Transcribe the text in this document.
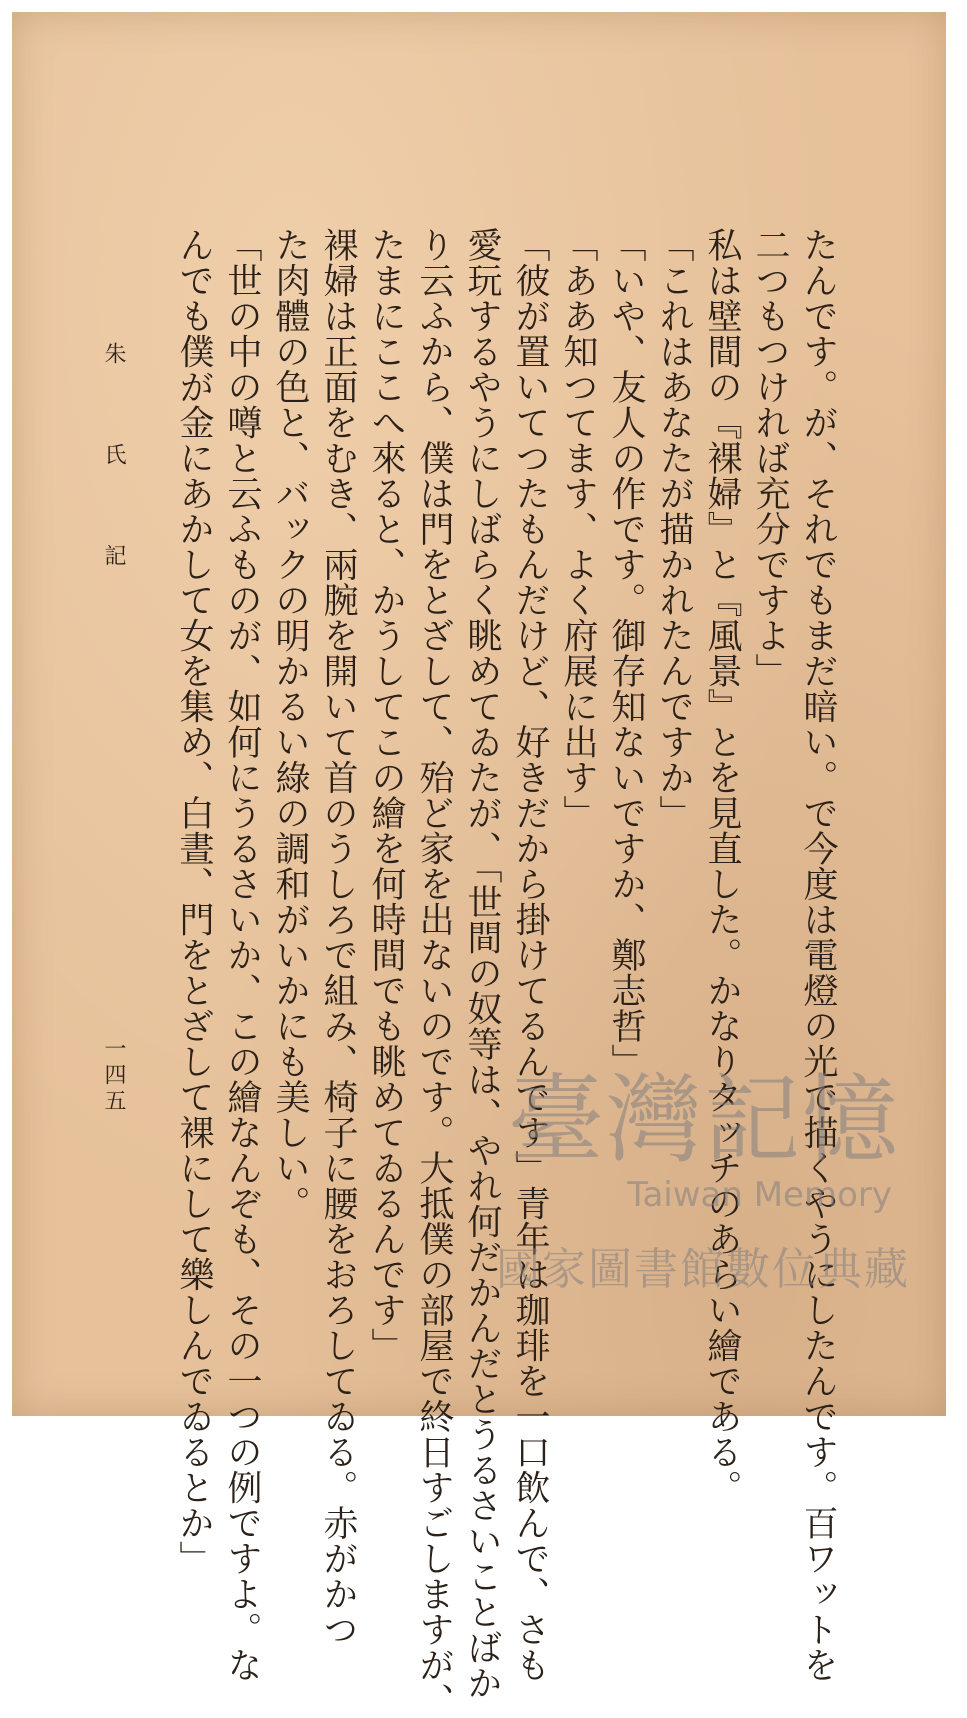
たんです。が、それでもまだ暗い。で今度は電燈の光で描くやうにしたんです。百ワットを

二つもつければ充分ですよ」

私は壁間の『裸婦』と『風景』とを見直した。かなりタッチのあらい繪である。

「これはあなたが描かれたんですか」

「いや、友人の作です。御存知ないですか、鄭志哲」

「ああ知つてます、よく府展に出す」

「彼が置いてつたもんだけど、好きだから掛けてるんです」青年は珈琲を一口飲んで、さも

愛玩するやうにしばらく眺めてゐたが、「世間の奴等は、やれ何だかんだとうるさいことばか

り云ふから、僕は門をとざして、殆ど家を出ないのです。大抵僕の部屋で終日すごしますが、

たまにここへ來ると、かうしてこの繪を何時間でも眺めてゐるんです」

裸婦は正面をむき、兩腕を開いて首のうしろで組み、椅子に腰をおろしてゐる。赤がかつ

た肉體の色と、バックの明かるい綠の調和がいかにも美しい。

「世の中の噂と云ふものが、如何にうるさいか、この繪なんぞも、その一つの例ですよ。な

んでも僕が金にあかして女を集め、白晝、門をとざして裸にして樂しんでゐるとか」

朱 氏 記
一四五	臺灣記憶
Taiwan Memory
國家圖書館數位典藏
